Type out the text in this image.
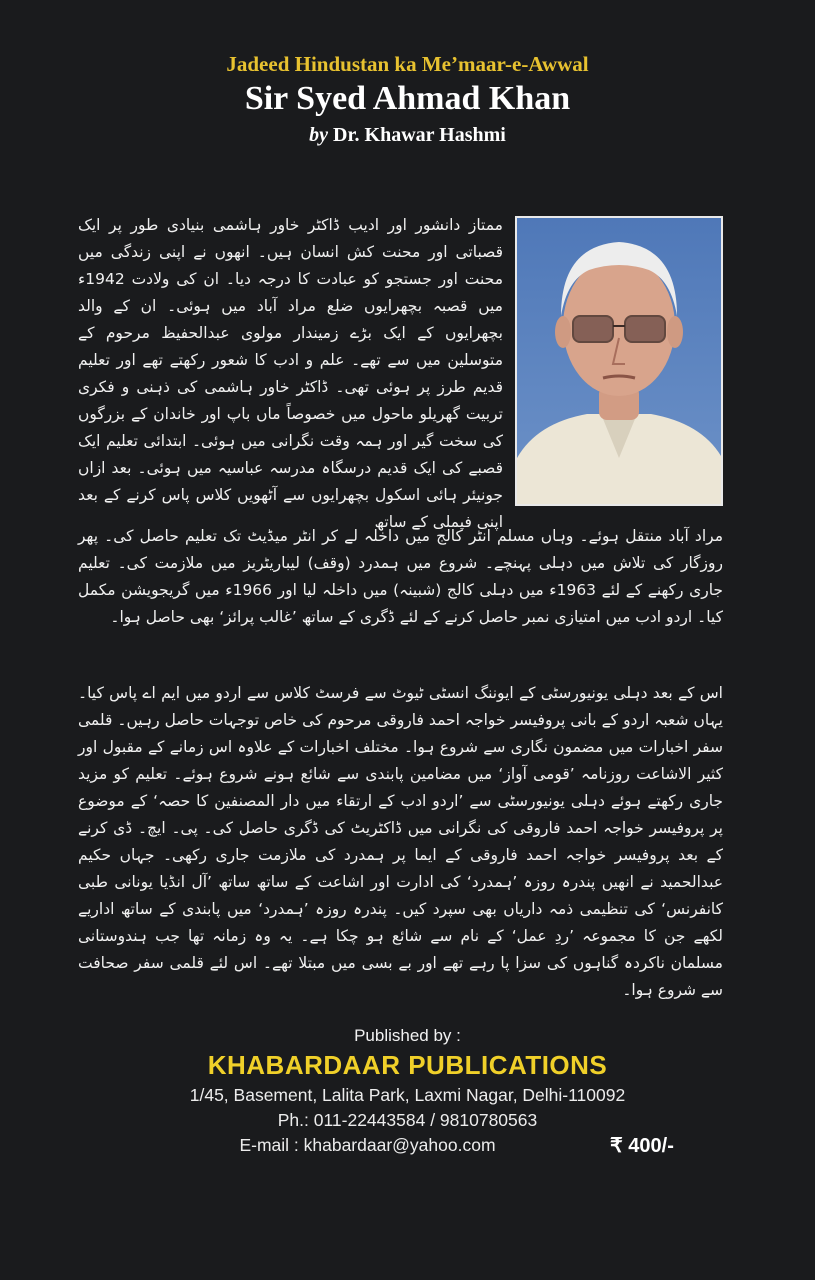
Jadeed Hindustan ka Me’maar-e-Awwal
Sir Syed Ahmad Khan
by Dr. Khawar Hashmi

ممتاز دانشور اور ادیب ڈاکٹر خاور ہاشمی بنیادی طور پر ایک قصباتی اور محنت کش انسان ہیں۔ انھوں نے اپنی زندگی میں محنت اور جستجو کو عبادت کا درجہ دیا۔ ان کی ولادت 1942ء میں قصبہ بچھرایوں ضلع مراد آباد میں ہوئی۔ ان کے والد بچھرایوں کے ایک بڑے زمیندار مولوی عبدالحفیظ مرحوم کے متوسلین میں سے تھے۔ علم و ادب کا شعور رکھتے تھے اور تعلیم قدیم طرز پر ہوئی تھی۔ ڈاکٹر خاور ہاشمی کی ذہنی و فکری تربیت گھریلو ماحول میں خصوصاً ماں باپ اور خاندان کے بزرگوں کی سخت گیر اور ہمہ وقت نگرانی میں ہوئی۔ ابتدائی تعلیم ایک قصبے کی ایک قدیم درسگاہ مدرسہ عباسیہ میں ہوئی۔ بعد ازاں جونیئر ہائی اسکول بچھرایوں سے آٹھویں کلاس پاس کرنے کے بعد اپنی فیملی کے ساتھ

مراد آباد منتقل ہوئے۔ وہاں مسلم انٹر کالج میں داخلہ لے کر انٹر میڈیٹ تک تعلیم حاصل کی۔ پھر روزگار کی تلاش میں دہلی پہنچے۔ شروع میں ہمدرد (وقف) لیباریٹریز میں ملازمت کی۔ تعلیم جاری رکھنے کے لئے 1963ء میں دہلی کالج (شبینہ) میں داخلہ لیا اور 1966ء میں گریجویشن مکمل کیا۔ اردو ادب میں امتیازی نمبر حاصل کرنے کے لئے ڈگری کے ساتھ ’غالب پرائز‘ بھی حاصل ہوا۔

اس کے بعد دہلی یونیورسٹی کے ایوننگ انسٹی ٹیوٹ سے فرسٹ کلاس سے اردو میں ایم اے پاس کیا۔ یہاں شعبہ اردو کے بانی پروفیسر خواجہ احمد فاروقی مرحوم کی خاص توجہات حاصل رہیں۔ قلمی سفر اخبارات میں مضمون نگاری سے شروع ہوا۔ مختلف اخبارات کے علاوہ اس زمانے کے مقبول اور کثیر الاشاعت روزنامہ ’قومی آواز‘ میں مضامین پابندی سے شائع ہونے شروع ہوئے۔ تعلیم کو مزید جاری رکھتے ہوئے دہلی یونیورسٹی سے ’اردو ادب کے ارتقاء میں دار المصنفین کا حصہ‘ کے موضوع پر پروفیسر خواجہ احمد فاروقی کی نگرانی میں ڈاکٹریٹ کی ڈگری حاصل کی۔ پی۔ ایچ۔ ڈی کرنے کے بعد پروفیسر خواجہ احمد فاروقی کے ایما پر ہمدرد کی ملازمت جاری رکھی۔ جہاں حکیم عبدالحمید نے انھیں پندرہ روزہ ’ہمدرد‘ کی ادارت اور اشاعت کے ساتھ ساتھ ’آل انڈیا یونانی طبی کانفرنس‘ کی تنظیمی ذمہ داریاں بھی سپرد کیں۔ پندرہ روزہ ’ہمدرد‘ میں پابندی کے ساتھ اداریے لکھے جن کا مجموعہ ’ردِ عمل‘ کے نام سے شائع ہو چکا ہے۔ یہ وہ زمانہ تھا جب ہندوستانی مسلمان ناکردہ گناہوں کی سزا پا رہے تھے اور بے بسی میں مبتلا تھے۔ اس لئے قلمی سفر صحافت سے شروع ہوا۔

Published by :
KHABARDAAR PUBLICATIONS
1/45, Basement, Lalita Park, Laxmi Nagar, Delhi-110092
Ph.: 011-22443584 / 9810780563
E-mail : khabardaar@yahoo.com	₹ 400/-
